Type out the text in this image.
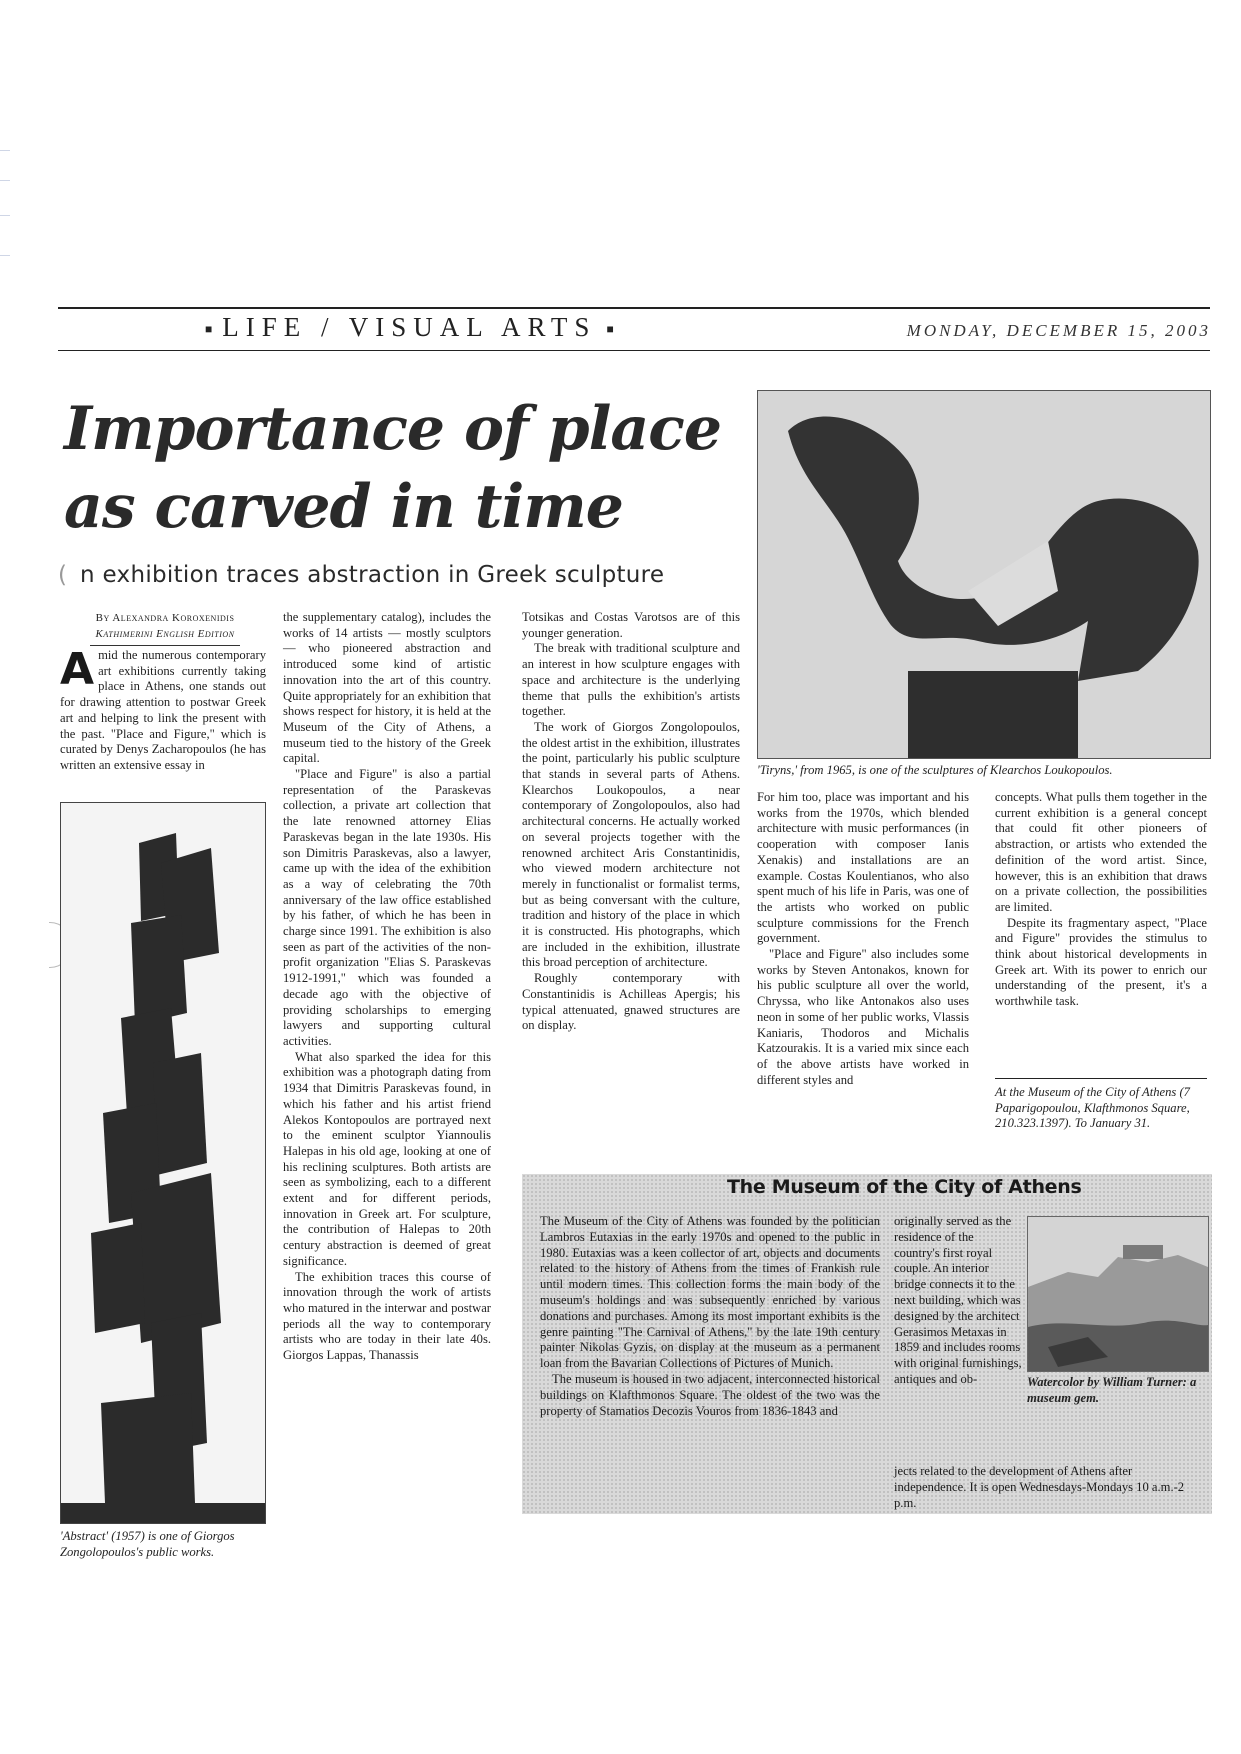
■ LIFE / VISUAL ARTS ■	MONDAY, DECEMBER 15, 2003
Importance of place as carved in time
( n exhibition traces abstraction in Greek sculpture
By Alexandra Koroxenidis
Kathimerini English Edition

Amid the numerous contemporary art exhibitions currently taking place in Athens, one stands out for drawing attention to postwar Greek art and helping to link the present with the past. "Place and Figure," which is curated by Denys Zacharopoulos (he has written an extensive essay in

'Abstract' (1957) is one of Giorgos Zongolopoulos's public works.

the supplementary catalog), includes the works of 14 artists — mostly sculptors — who pioneered abstraction and introduced some kind of artistic innovation into the art of this country. Quite appropriately for an exhibition that shows respect for history, it is held at the Museum of the City of Athens, a museum tied to the history of the Greek capital.

"Place and Figure" is also a partial representation of the Paraskevas collection, a private art collection that the late renowned attorney Elias Paraskevas began in the late 1930s. His son Dimitris Paraskevas, also a lawyer, came up with the idea of the exhibition as a way of celebrating the 70th anniversary of the law office established by his father, of which he has been in charge since 1991. The exhibition is also seen as part of the activities of the non-profit organization "Elias S. Paraskevas 1912-1991," which was founded a decade ago with the objective of providing scholarships to emerging lawyers and supporting cultural activities.

What also sparked the idea for this exhibition was a photograph dating from 1934 that Dimitris Paraskevas found, in which his father and his artist friend Alekos Kontopoulos are portrayed next to the eminent sculptor Yiannoulis Halepas in his old age, looking at one of his reclining sculptures. Both artists are seen as symbolizing, each to a different extent and for different periods, innovation in Greek art. For sculpture, the contribution of Halepas to 20th century abstraction is deemed of great significance.

The exhibition traces this course of innovation through the work of artists who matured in the interwar and postwar periods all the way to contemporary artists who are today in their late 40s. Giorgos Lappas, Thanassis

Totsikas and Costas Varotsos are of this younger generation.

The break with traditional sculpture and an interest in how sculpture engages with space and architecture is the underlying theme that pulls the exhibition's artists together.

The work of Giorgos Zongolopoulos, the oldest artist in the exhibition, illustrates the point, particularly his public sculpture that stands in several parts of Athens. Klearchos Loukopoulos, a near contemporary of Zongolopoulos, also had architectural concerns. He actually worked on several projects together with the renowned architect Aris Constantinidis, who viewed modern architecture not merely in functionalist or formalist terms, but as being conversant with the culture, tradition and history of the place in which it is constructed. His photographs, which are included in the exhibition, illustrate this broad perception of architecture.

Roughly contemporary with Constantinidis is Achilleas Apergis; his typical attenuated, gnawed structures are on display.

'Tiryns,' from 1965, is one of the sculptures of Klearchos Loukopoulos.

For him too, place was important and his works from the 1970s, which blended architecture with music performances (in cooperation with composer Ianis Xenakis) and installations are an example. Costas Koulentianos, who also spent much of his life in Paris, was one of the artists who worked on public sculpture commissions for the French government.

"Place and Figure" also includes some works by Steven Antonakos, known for his public sculpture all over the world, Chryssa, who like Antonakos also uses neon in some of her public works, Vlassis Kaniaris, Thodoros and Michalis Katzourakis. It is a varied mix since each of the above artists have worked in different styles and

concepts. What pulls them together in the current exhibition is a general concept that could fit other pioneers of abstraction, or artists who extended the definition of the word artist. Since, however, this is an exhibition that draws on a private collection, the possibilities are limited.

Despite its fragmentary aspect, "Place and Figure" provides the stimulus to think about historical developments in Greek art. With its power to enrich our understanding of the present, it's a worthwhile task.

At the Museum of the City of Athens (7 Paparigopoulou, Klafthmonos Square, 210.323.1397). To January 31.
The Museum of the City of Athens

The Museum of the City of Athens was founded by the politician Lambros Eutaxias in the early 1970s and opened to the public in 1980. Eutaxias was a keen collector of art, objects and documents related to the history of Athens from the times of Frankish rule until modern times. This collection forms the main body of the museum's holdings and was subsequently enriched by various donations and purchases. Among its most important exhibits is the genre painting "The Carnival of Athens," by the late 19th century painter Nikolas Gyzis, on display at the museum as a permanent loan from the Bavarian Collections of Pictures of Munich.

The museum is housed in two adjacent, interconnected historical buildings on Klafthmonos Square. The oldest of the two was the property of Stamatios Decozis Vouros from 1836-1843 and

originally served as the residence of the country's first royal couple. An interior bridge connects it to the next building, which was designed by the architect Gerasimos Metaxas in 1859 and includes rooms with original furnishings, antiques and ob-

jects related to the development of Athens after independence. It is open Wednesdays-Mondays 10 a.m.-2 p.m.

Watercolor by William Turner: a museum gem.
